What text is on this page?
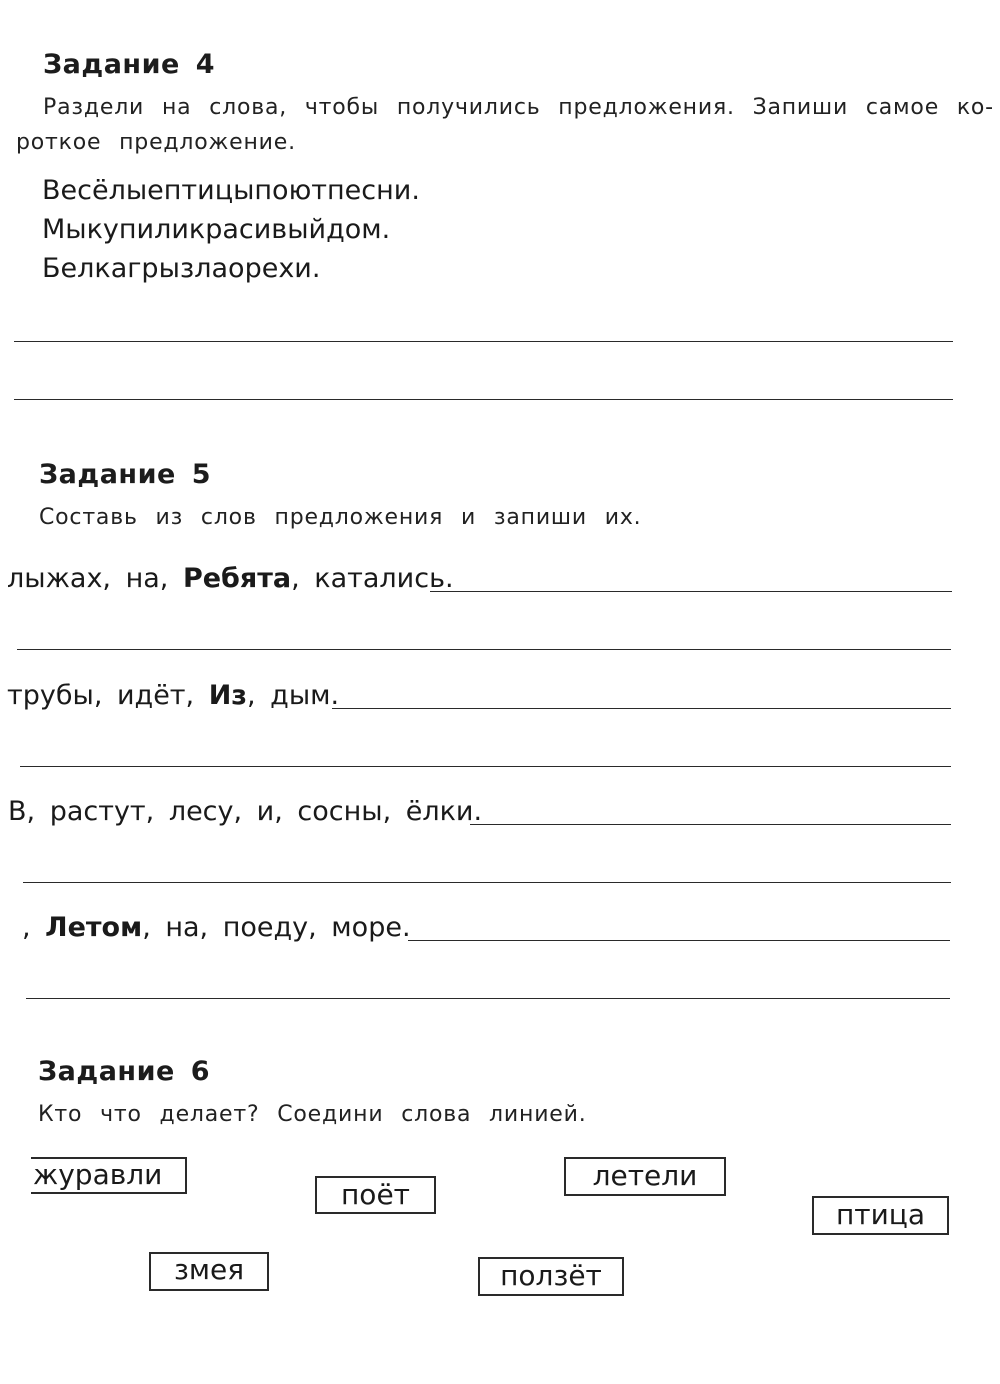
Задание 4
Раздели на слова, чтобы получились предложения. Запиши самое ко-
роткое предложение.
Весёлыептицыпоютпесни.
Мыкупиликрасивыйдом.
Белкагрызлаорехи.
Задание 5
Составь из слов предложения и запиши их.
лыжах, на, Ребята, катались.
трубы, идёт, Из, дым.
В, растут, лесу, и, сосны, ёлки.
, Летом, на, поеду, море.
Задание 6
Кто что делает? Соедини слова линией.
журавли
поёт
летели
птица
змея	ползёт
